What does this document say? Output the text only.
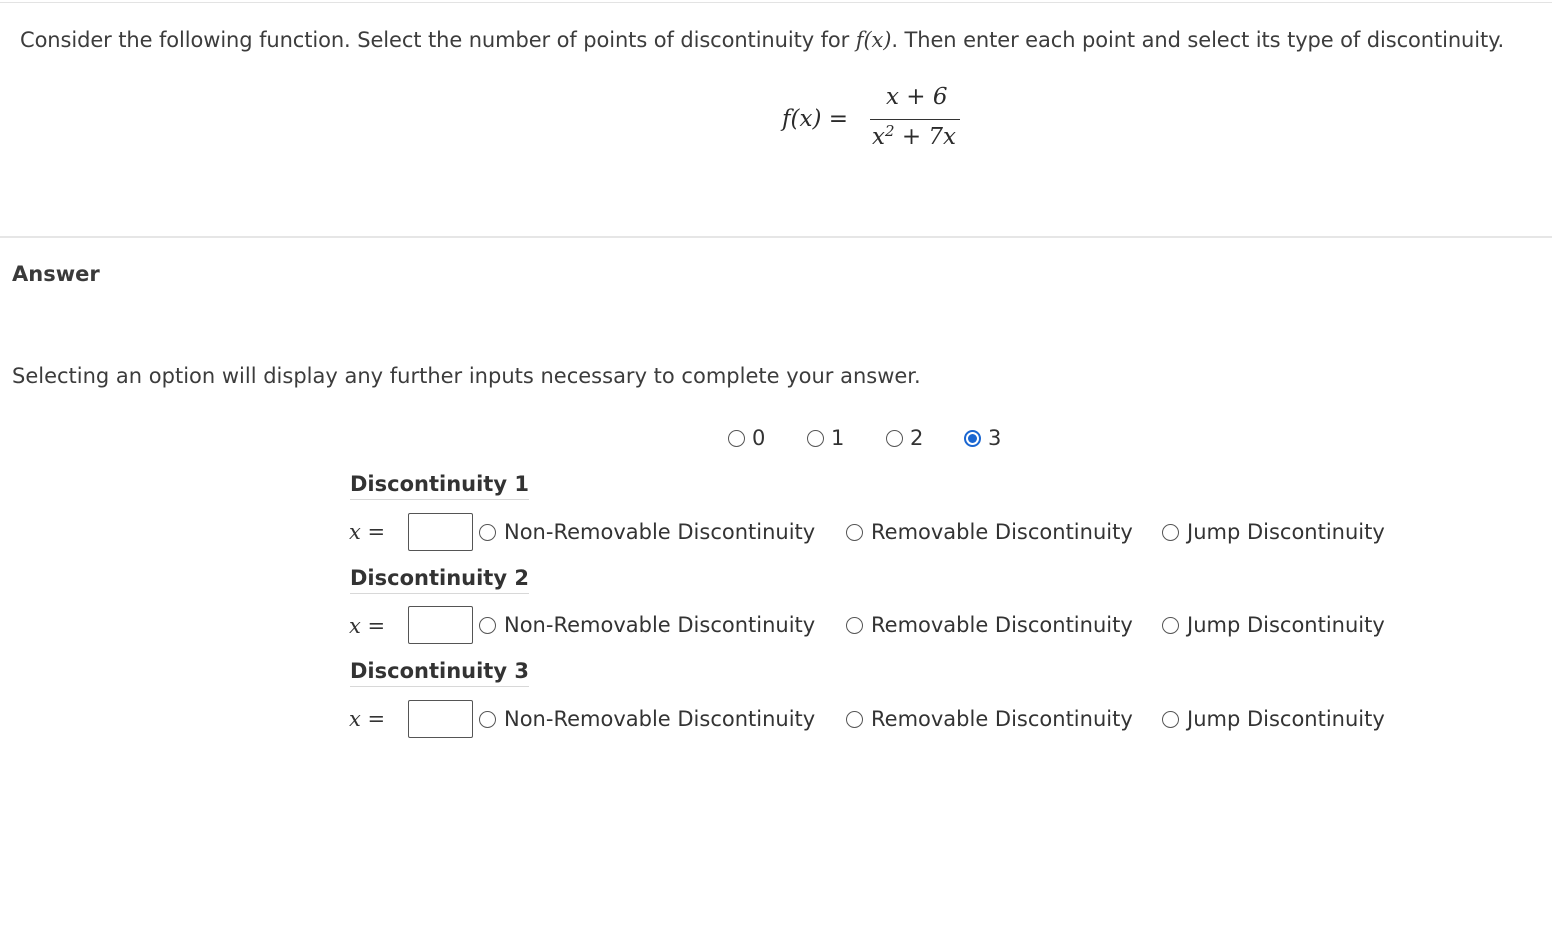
Consider the following function. Select the number of points of discontinuity for f(x). Then enter each point and select its type of discontinuity.
f(x) =
x + 6
$x^2 + 7x$
Answer
Selecting an option will display any further inputs necessary to complete your answer.
0	1	2	3
Discontinuity 1
x =	Non-Removable Discontinuity	Removable Discontinuity	Jump Discontinuity
Discontinuity 2
x =	Non-Removable Discontinuity	Removable Discontinuity	Jump Discontinuity
Discontinuity 3
x =	Non-Removable Discontinuity	Removable Discontinuity	Jump Discontinuity
